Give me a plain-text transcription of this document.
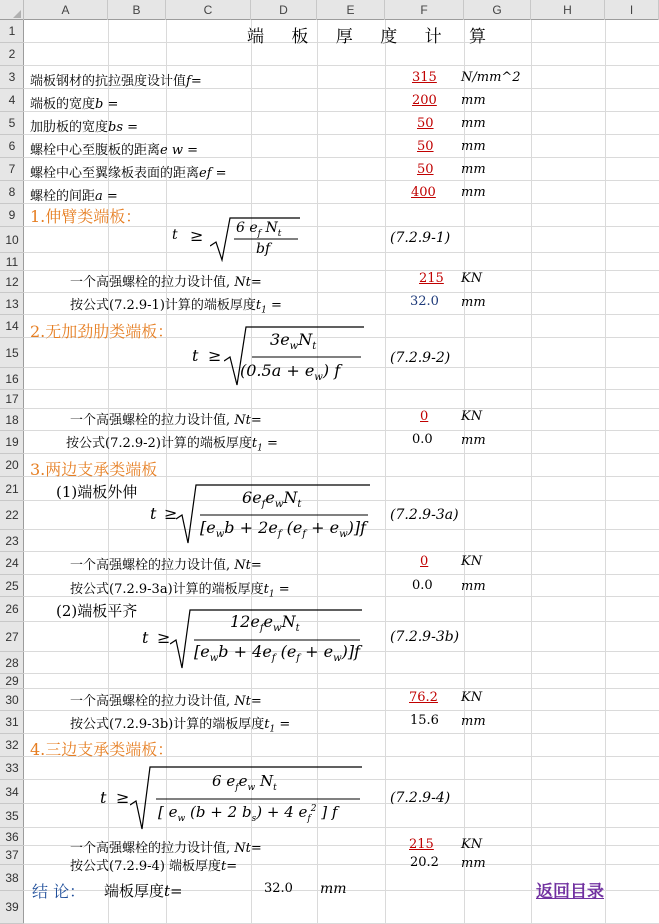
A	B	C	D	E	F	G	H	I
1
2
3
4
5
6
7
8
9
10
11
12
13
14
15
16
17
18
19
20
21
22
23
24
25
26
27
28
29
30
31
32
33
34
35
36
37
38
39
端 板 厚 度 计 算
端板钢材的抗拉强度设计值f=	315 N/mm^2
端板的宽度b =	200 mm
加肋板的宽度bs =	50 mm
螺栓中心至腹板的距离e w =	50 mm
螺栓中心至翼缘板表面的距离ef =	50 mm
螺栓的间距a =	400 mm
1.伸臂类端板：
t ≥ 6 $e_f$ $N_t$
bf
(7.2.9-1)
一个高强螺栓的拉力设计值, Nt=	215 KN
按公式(7.2.9-1)计算的端板厚度$t_1$ =	32.0 mm
2.无加劲肋类端板：
t ≥
$3e_wN_t$
$(0.5a + e_w)$ f
(7.2.9-2)
一个高强螺栓的拉力设计值, Nt=	0	KN
按公式(7.2.9-2)计算的端板厚度$t_1$ =	0.0 mm
3.两边支承类端板
(1)端板外伸
t ≥
$6e_fe_wN_t$
[$e_wb + 2e_f$ $(e_f + e_w)]f$
(7.2.9-3a)
一个高强螺栓的拉力设计值, Nt=	0	KN
按公式(7.2.9-3a)计算的端板厚度$t_1$ =	0.0 mm
(2)端板平齐
t ≥
$12e_fe_wN_t$
[$e_wb + 4e_f$ $(e_f + e_w)]f$
(7.2.9-3b)
一个高强螺栓的拉力设计值, Nt=	76.2 KN
按公式(7.2.9-3b)计算的端板厚度$t_1$ =	15.6 mm
4.三边支承类端板：
t ≥
6 $e_fe_w$ $N_t$
[ $e_w$ (b + 2 $b_s) + 4$ $e_f^2$ ] f
(7.2.9-4)
一个高强螺栓的拉力设计值, Nt=	215 KN
按公式(7.2.9-4) 端板厚度t=	20.2 mm
结 论： 端板厚度t=	32.0 mm	返回目录
